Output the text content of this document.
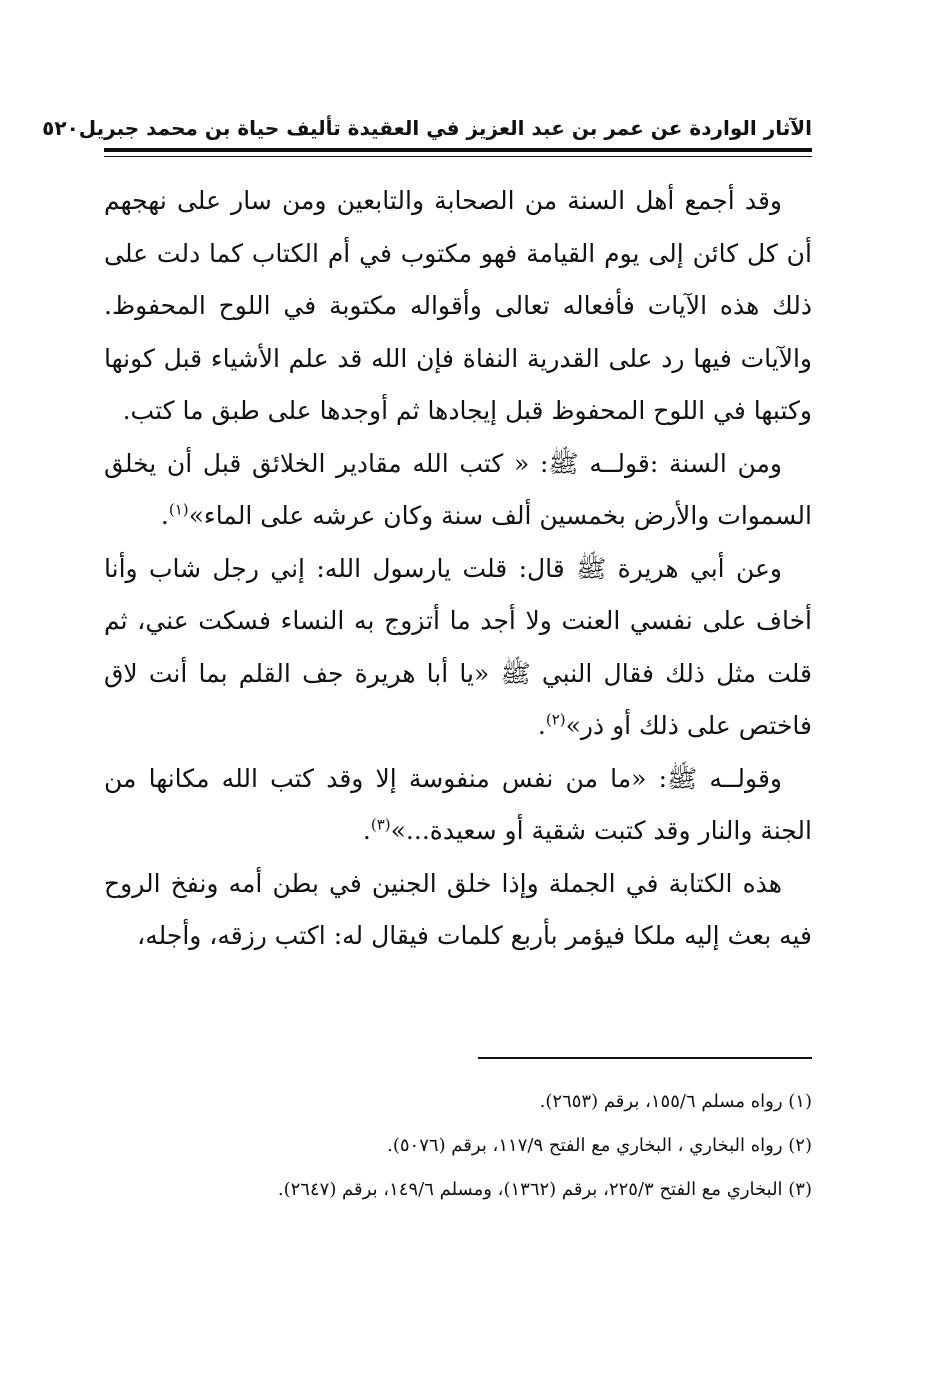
الآثار الواردة عن عمر بن عبد العزيز في العقيدة تأليف حياة بن محمد جبريل
٥٢٠

وقد أجمع أهل السنة من الصحابة والتابعين ومن سار على نهجهم أن كل كائن إلى يوم القيامة فهو مكتوب في أم الكتاب كما دلت على ذلك هذه الآيات فأفعاله تعالى وأقواله مكتوبة في اللوح المحفوظ. والآيات فيها رد على القدرية النفاة فإن الله قد علم الأشياء قبل كونها وكتبها في اللوح المحفوظ قبل إيجادها ثم أوجدها على طبق ما كتب.

ومن السنة :قولــه ﷺ: « كتب الله مقادير الخلائق قبل أن يخلق السموات والأرض بخمسين ألف سنة وكان عرشه على الماء»$^{(١)}$.

وعن أبي هريرة ﷺ قال: قلت يارسول الله: إني رجل شاب وأنا أخاف على نفسي العنت ولا أجد ما أتزوج به النساء فسكت عني، ثم قلت مثل ذلك فقال النبي ﷺ «يا أبا هريرة جف القلم بما أنت لاق فاختص على ذلك أو ذر»$^{(٢)}$.

وقولــه ﷺ: «ما من نفس منفوسة إلا وقد كتب الله مكانها من الجنة والنار وقد كتبت شقية أو سعيدة...»$^{(٣)}$.

هذه الكتابة في الجملة وإذا خلق الجنين في بطن أمه ونفخ الروح فيه بعث إليه ملكا فيؤمر بأربع كلمات فيقال له: اكتب رزقه، وأجله،

(١) رواه مسلم ١٥٥/٦، برقم (٢٦٥٣).

(٢) رواه البخاري ، البخاري مع الفتح ١١٧/٩، برقم (٥٠٧٦).

(٣) البخاري مع الفتح ٢٢٥/٣، برقم (١٣٦٢)، ومسلم ١٤٩/٦، برقم (٢٦٤٧).
